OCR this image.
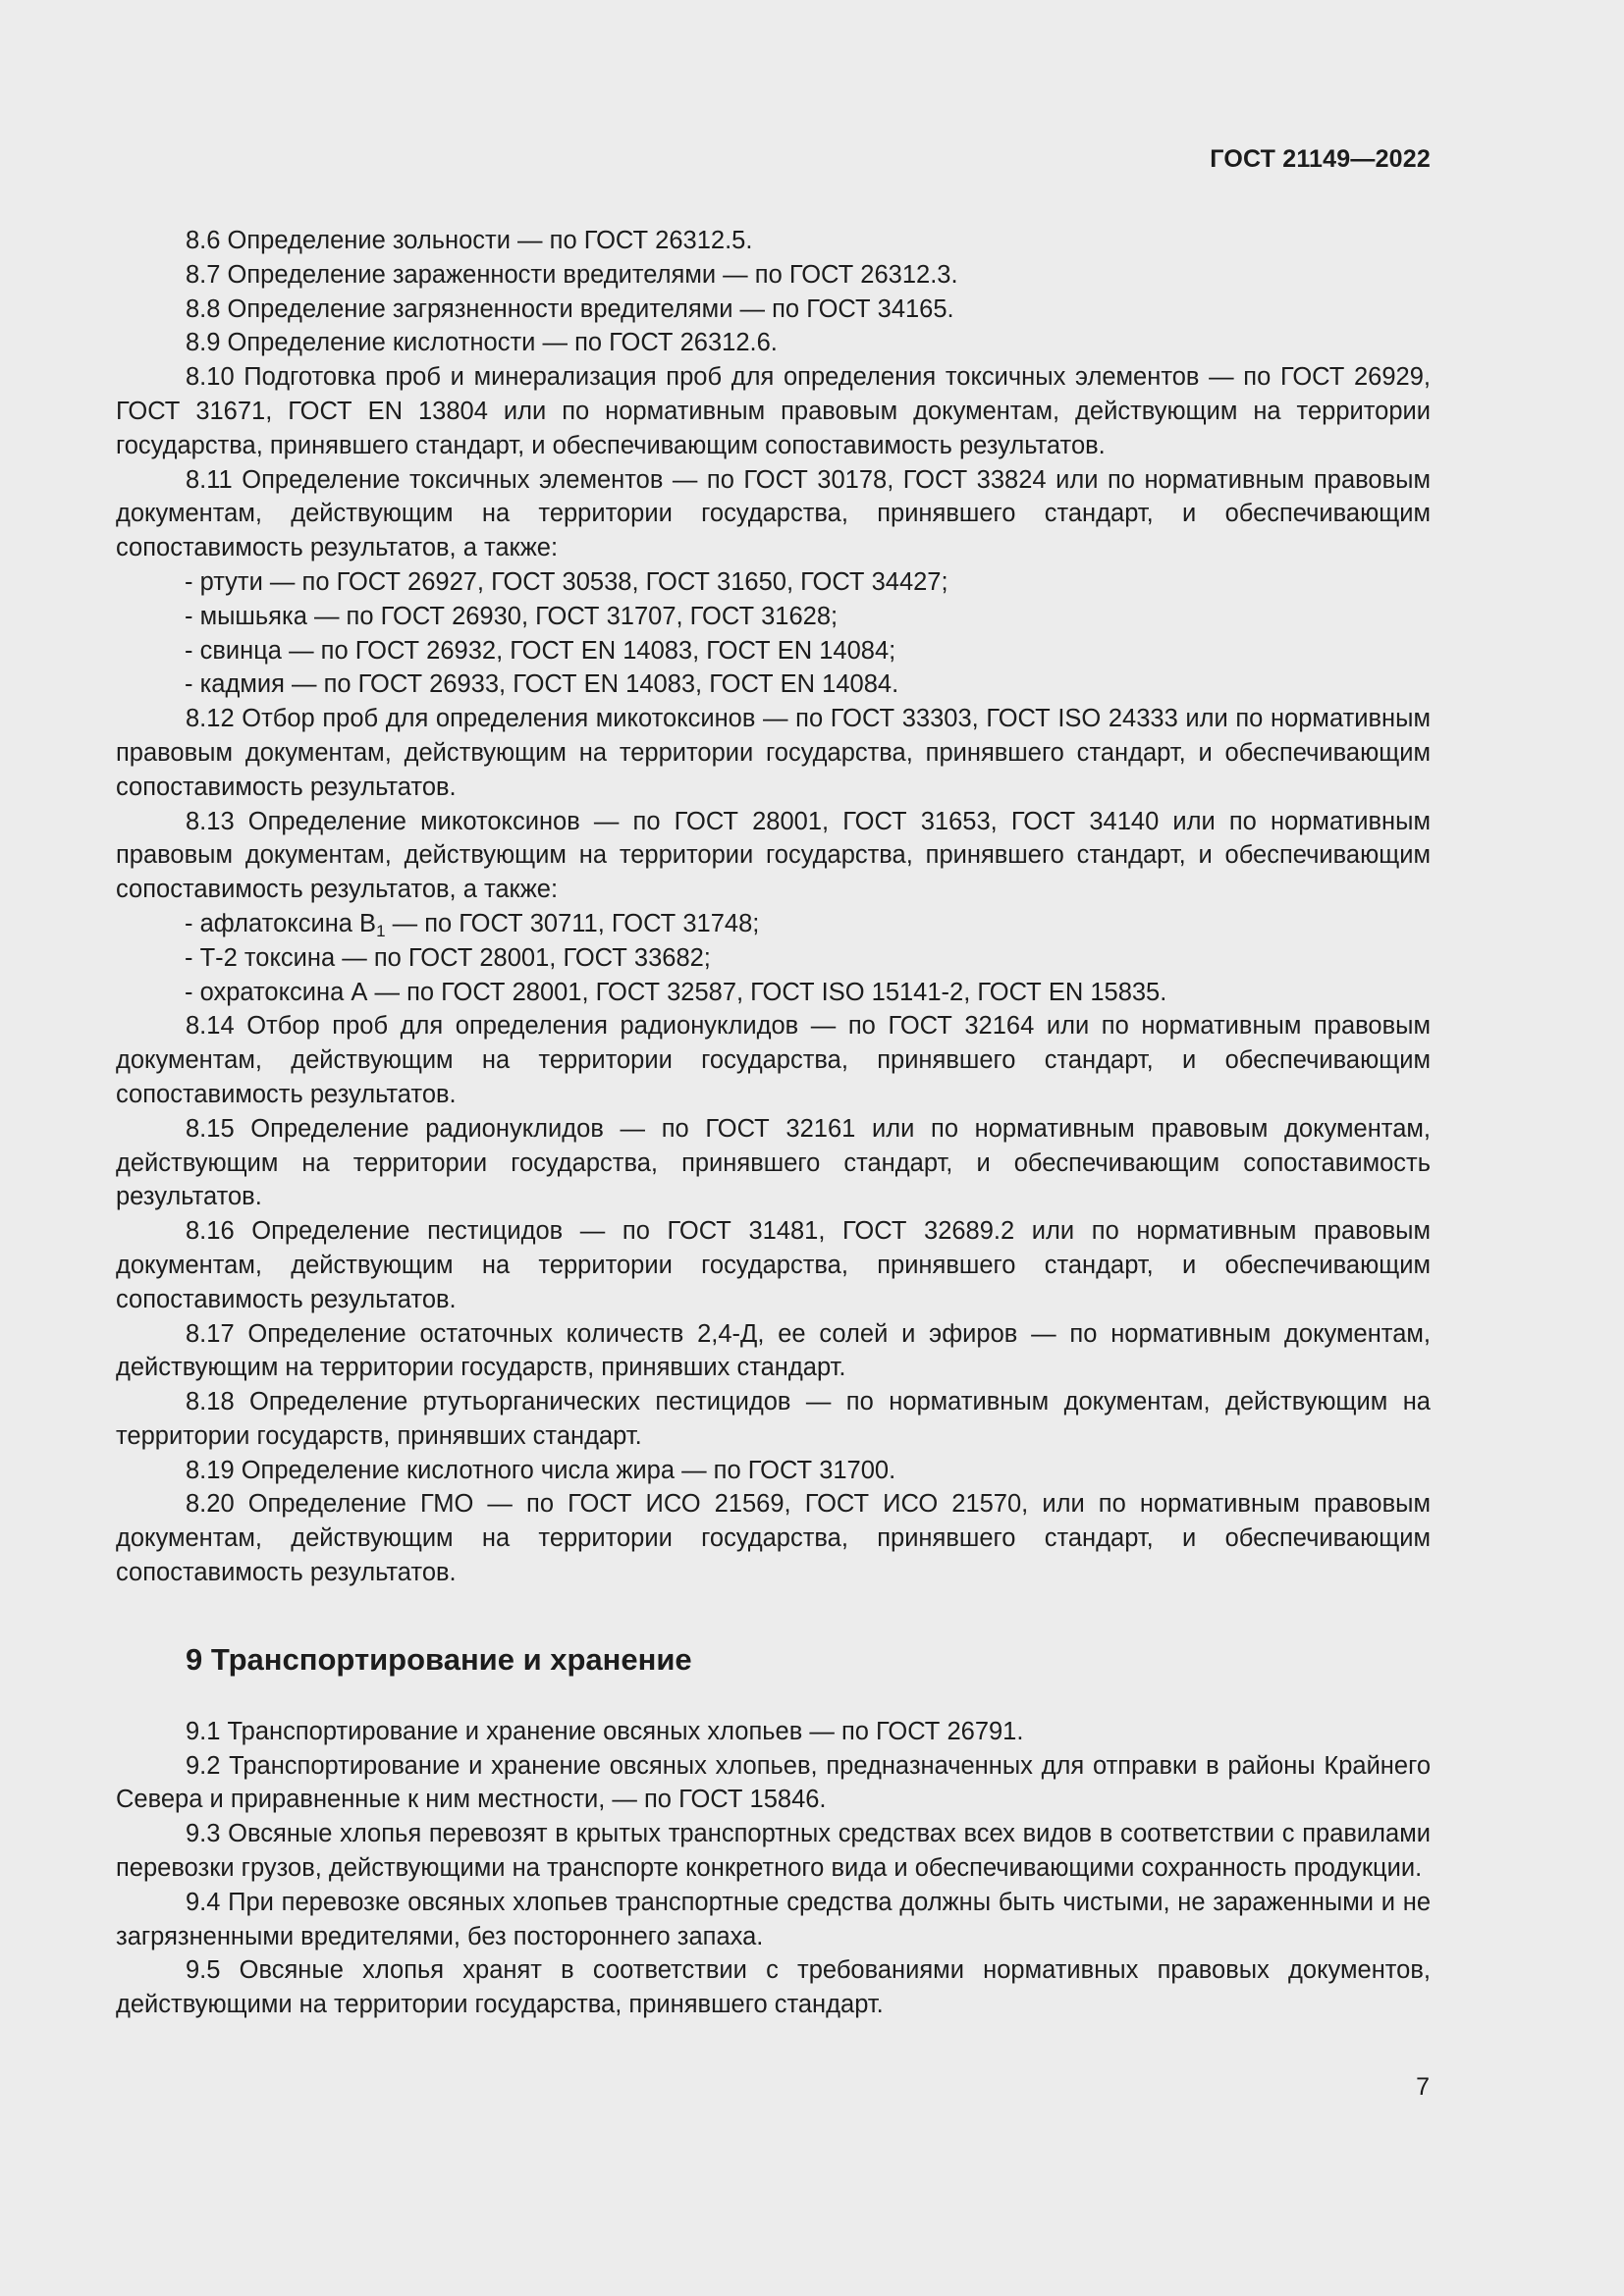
ГОСТ 21149—2022

8.6 Определение зольности — по ГОСТ 26312.5.

8.7 Определение зараженности вредителями — по ГОСТ 26312.3.

8.8 Определение загрязненности вредителями — по ГОСТ 34165.

8.9 Определение кислотности — по ГОСТ 26312.6.

8.10 Подготовка проб и минерализация проб для определения токсичных элементов — по ГОСТ 26929, ГОСТ 31671, ГОСТ EN 13804 или по нормативным правовым документам, действующим на территории государства, принявшего стандарт, и обеспечивающим сопоставимость результатов.

8.11 Определение токсичных элементов — по ГОСТ 30178, ГОСТ 33824 или по нормативным правовым документам, действующим на территории государства, принявшего стандарт, и обеспечивающим сопоставимость результатов, а также:

- ртути — по ГОСТ 26927, ГОСТ 30538, ГОСТ 31650, ГОСТ 34427;

- мышьяка — по ГОСТ 26930, ГОСТ 31707, ГОСТ 31628;

- свинца — по ГОСТ 26932, ГОСТ EN 14083, ГОСТ EN 14084;

- кадмия — по ГОСТ 26933, ГОСТ EN 14083, ГОСТ EN 14084.

8.12 Отбор проб для определения микотоксинов — по ГОСТ 33303, ГОСТ ISO 24333 или по нормативным правовым документам, действующим на территории государства, принявшего стандарт, и обеспечивающим сопоставимость результатов.

8.13 Определение микотоксинов — по ГОСТ 28001, ГОСТ 31653, ГОСТ 34140 или по нормативным правовым документам, действующим на территории государства, принявшего стандарт, и обеспечивающим сопоставимость результатов, а также:

- афлатоксина $В_1$ — по ГОСТ 30711, ГОСТ 31748;

- Т-2 токсина — по ГОСТ 28001, ГОСТ 33682;

- охратоксина А — по ГОСТ 28001, ГОСТ 32587, ГОСТ ISO 15141-2, ГОСТ EN 15835.

8.14 Отбор проб для определения радионуклидов — по ГОСТ 32164 или по нормативным правовым документам, действующим на территории государства, принявшего стандарт, и обеспечивающим сопоставимость результатов.

8.15 Определение радионуклидов — по ГОСТ 32161 или по нормативным правовым документам, действующим на территории государства, принявшего стандарт, и обеспечивающим сопоставимость результатов.

8.16 Определение пестицидов — по ГОСТ 31481, ГОСТ 32689.2 или по нормативным правовым документам, действующим на территории государства, принявшего стандарт, и обеспечивающим сопоставимость результатов.

8.17 Определение остаточных количеств 2,4-Д, ее солей и эфиров — по нормативным документам, действующим на территории государств, принявших стандарт.

8.18 Определение ртутьорганических пестицидов — по нормативным документам, действующим на территории государств, принявших стандарт.

8.19 Определение кислотного числа жира — по ГОСТ 31700.

8.20 Определение ГМО — по ГОСТ ИСО 21569, ГОСТ ИСО 21570, или по нормативным правовым документам, действующим на территории государства, принявшего стандарт, и обеспечивающим сопоставимость результатов.

9 Транспортирование и хранение

9.1 Транспортирование и хранение овсяных хлопьев — по ГОСТ 26791.

9.2 Транспортирование и хранение овсяных хлопьев, предназначенных для отправки в районы Крайнего Севера и приравненные к ним местности, — по ГОСТ 15846.

9.3 Овсяные хлопья перевозят в крытых транспортных средствах всех видов в соответствии с правилами перевозки грузов, действующими на транспорте конкретного вида и обеспечивающими сохранность продукции.

9.4 При перевозке овсяных хлопьев транспортные средства должны быть чистыми, не зараженными и не загрязненными вредителями, без постороннего запаха.

9.5 Овсяные хлопья хранят в соответствии с требованиями нормативных правовых документов, действующими на территории государства, принявшего стандарт.

7
